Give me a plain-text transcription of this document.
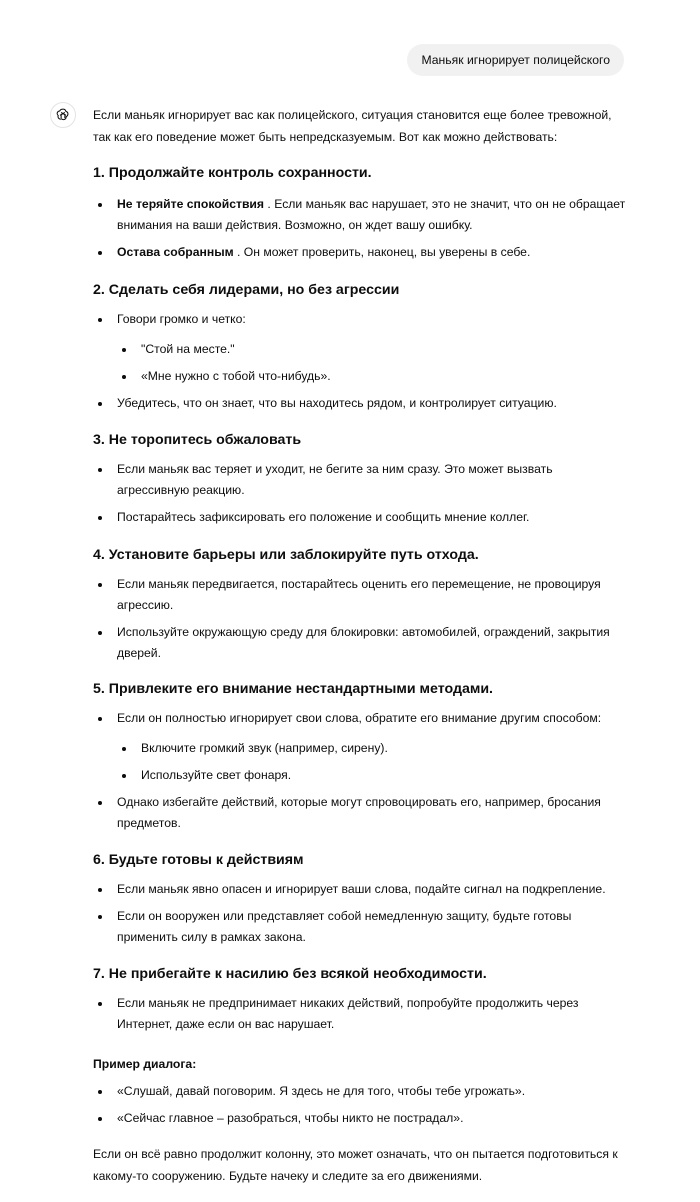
Маньяк игнорирует полицейского

Если маньяк игнорирует вас как полицейского, ситуация становится еще более тревожной, так как его поведение может быть непредсказуемым. Вот как можно действовать:

1. Продолжайте контроль сохранности.
Не теряйте спокойствия . Если маньяк вас нарушает, это не значит, что он не обращает внимания на ваши действия. Возможно, он ждет вашу ошибку.
Остава собранным . Он может проверить, наконец, вы уверены в себе.
2. Сделать себя лидерами, но без агрессии
Говори громко и четко:
"Стой на месте."
«Мне нужно с тобой что-нибудь».
Убедитесь, что он знает, что вы находитесь рядом, и контролирует ситуацию.
3. Не торопитесь обжаловать
Если маньяк вас теряет и уходит, не бегите за ним сразу. Это может вызвать агрессивную реакцию.
Постарайтесь зафиксировать его положение и сообщить мнение коллег.
4. Установите барьеры или заблокируйте путь отхода.
Если маньяк передвигается, постарайтесь оценить его перемещение, не провоцируя агрессию.
Используйте окружающую среду для блокировки: автомобилей, ограждений, закрытия дверей.
5. Привлеките его внимание нестандартными методами.
Если он полностью игнорирует свои слова, обратите его внимание другим способом:
Включите громкий звук (например, сирену).
Используйте свет фонаря.
Однако избегайте действий, которые могут спровоцировать его, например, бросания предметов.
6. Будьте готовы к действиям
Если маньяк явно опасен и игнорирует ваши слова, подайте сигнал на подкрепление.
Если он вооружен или представляет собой немедленную защиту, будьте готовы применить силу в рамках закона.
7. Не прибегайте к насилию без всякой необходимости.
Если маньяк не предпринимает никаких действий, попробуйте продолжить через Интернет, даже если он вас нарушает.

Пример диалога:

«Слушай, давай поговорим. Я здесь не для того, чтобы тебе угрожать».
«Сейчас главное – разобраться, чтобы никто не пострадал».

Если он всё равно продолжит колонну, это может означать, что он пытается подготовиться к какому-то сооружению. Будьте начеку и следите за его движениями.
